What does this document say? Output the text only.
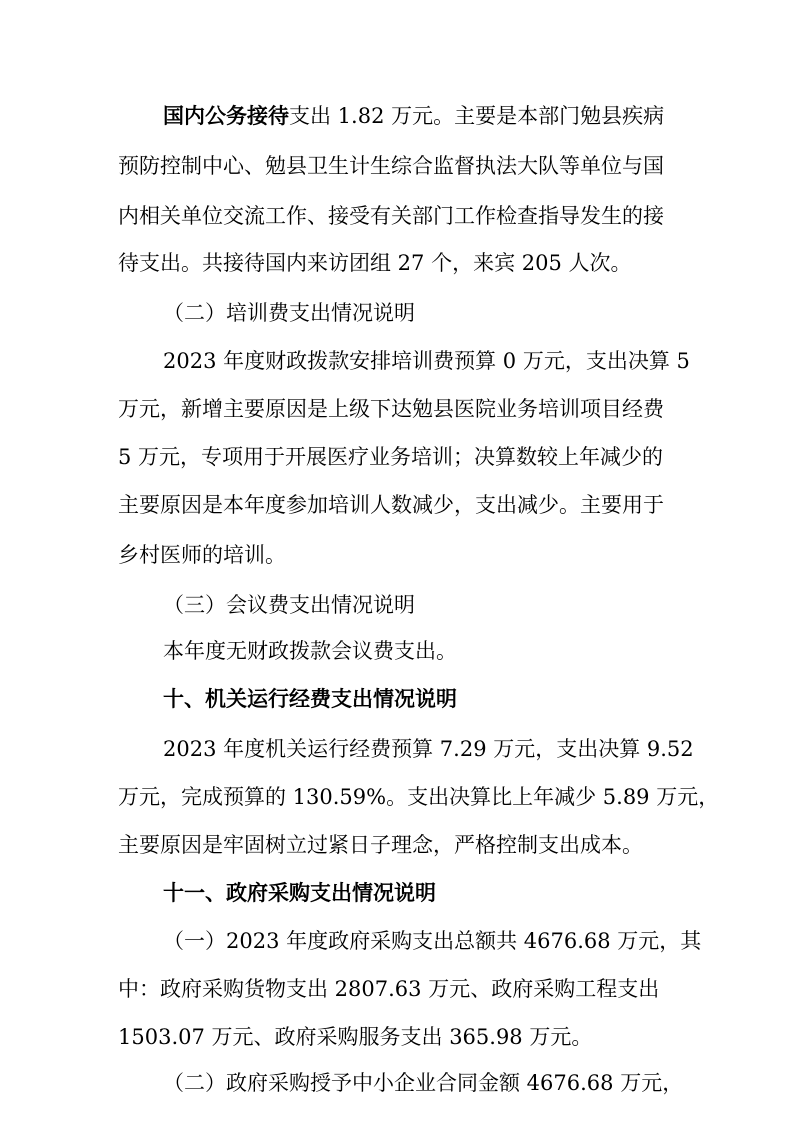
国内公务接待 支出 1.82 万元。主要是本部门勉县疾病
预防控制中心、勉县卫生计生综合监督执法大队等单位与国
内相关单位交流工作、接受有关部门工作检查指导发生的接
待支出。共接待国内来访团组 27 个，来宾 205 人次。
（二）培训费支出情况说明
2023 年度财政拨款安排培训费预算 0 万元，支出决算 5
万元，新增主要原因是上级下达勉县医院业务培训项目经费
5 万元，专项用于开展医疗业务培训；决算数较上年减少的
主要原因是本年度参加培训人数减少，支出减少。主要用于
乡村医师的培训。
（三）会议费支出情况说明
本年度无财政拨款会议费支出。
十、机关运行经费支出情况说明
2023 年度机关运行经费预算 7.29 万元，支出决算 9.52
万元，完成预算的 130.59%。支出决算比上年减少 5.89 万元，
主要原因是牢固树立过紧日子理念，严格控制支出成本。
十一、政府采购支出情况说明
（一）2023 年度政府采购支出总额共 4676.68 万元，其
中：政府采购货物支出 2807.63 万元、政府采购工程支出
1503.07 万元、政府采购服务支出 365.98 万元。
（二）政府采购授予中小企业合同金额 4676.68 万元，
